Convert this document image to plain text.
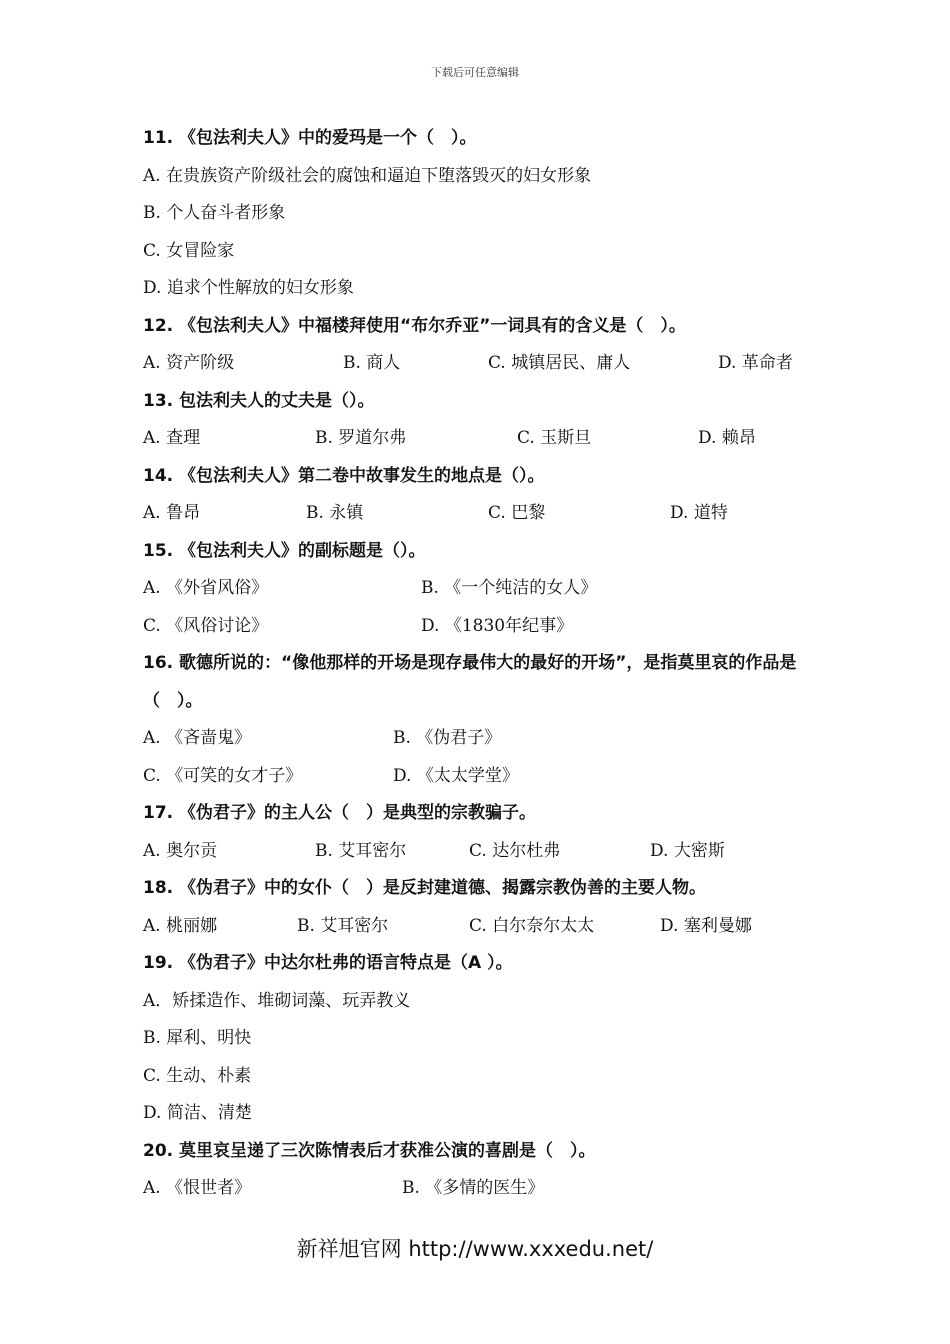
下载后可任意编辑
11. 《包法利夫人》中的爱玛是一个（　）。
A. 在贵族资产阶级社会的腐蚀和逼迫下堕落毁灭的妇女形象
B. 个人奋斗者形象
C. 女冒险家
D. 追求个性解放的妇女形象
12. 《包法利夫人》中福楼拜使用“布尔乔亚”一词具有的含义是（　）。
A. 资产阶级	B. 商人	C. 城镇居民、庸人	D. 革命者
13. 包法利夫人的丈夫是（）。
A. 查理	B. 罗道尔弗	C. 玉斯旦	D. 赖昂
14. 《包法利夫人》第二卷中故事发生的地点是（）。
A. 鲁昂	B. 永镇	C. 巴黎	D. 道特
15. 《包法利夫人》的副标题是（）。
A. 《外省风俗》	B. 《一个纯洁的女人》
C. 《风俗讨论》	D. 《1830年纪事》
16. 歌德所说的：“像他那样的开场是现存最伟大的最好的开场”，是指莫里哀的作品是（　）。
A. 《吝啬鬼》	B. 《伪君子》
C. 《可笑的女才子》	D. 《太太学堂》
17. 《伪君子》的主人公（　）是典型的宗教骗子。
A. 奥尔贡	B. 艾耳密尔	C. 达尔杜弗	D. 大密斯
18. 《伪君子》中的女仆（　）是反封建道德、揭露宗教伪善的主要人物。
A. 桃丽娜	B. 艾耳密尔	C. 白尔奈尔太太	D. 塞利曼娜
19. 《伪君子》中达尔杜弗的语言特点是（A ）。
A．矫揉造作、堆砌词藻、玩弄教义
B. 犀利、明快
C. 生动、朴素
D. 简洁、清楚
20. 莫里哀呈递了三次陈情表后才获准公演的喜剧是（　）。
A. 《恨世者》	B. 《多情的医生》
新祥旭官网 http://www.xxxedu.net/
